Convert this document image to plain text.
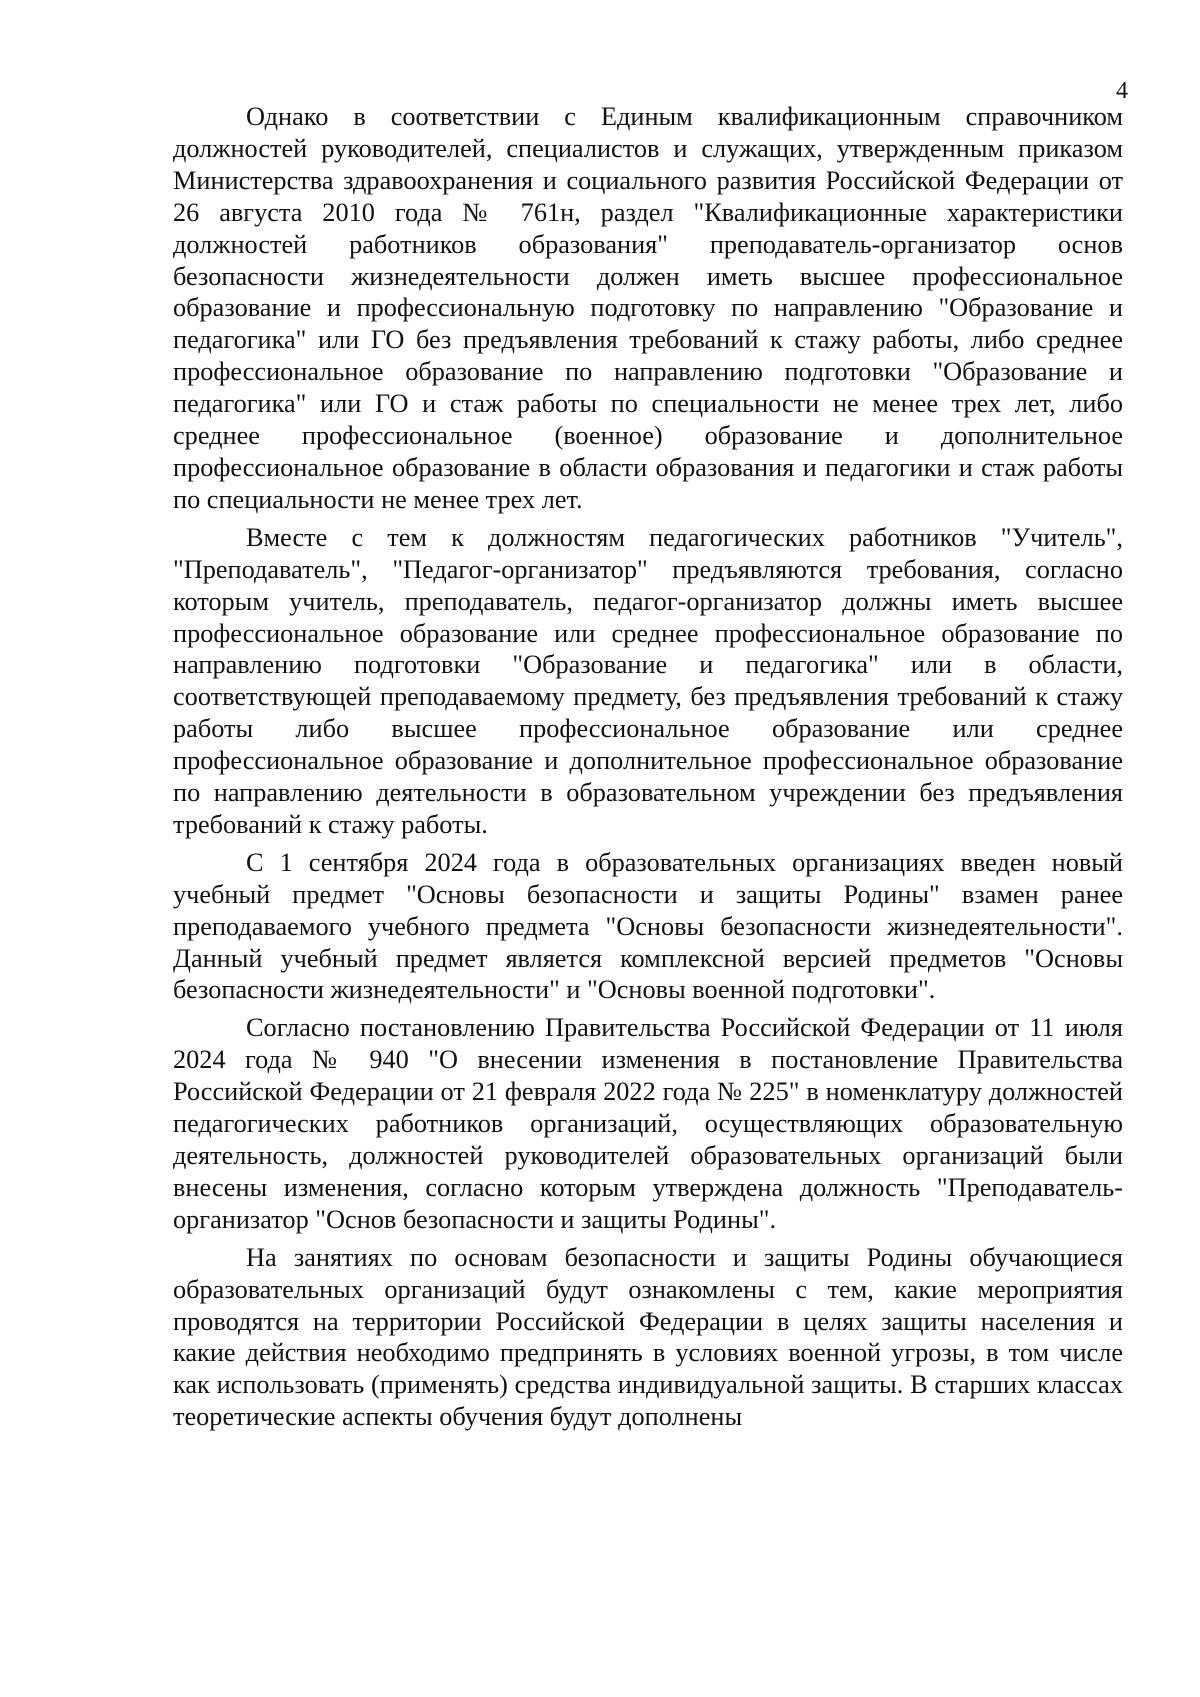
4

Однако в соответствии с Единым квалификационным справочником должностей руководителей, специалистов и служащих, утвержденным приказом Министерства здравоохранения и социального развития Российской Федерации от 26 августа 2010 года № 761н, раздел "Квалификационные характеристики должностей работников образования" преподаватель-организатор основ безопасности жизнедеятельности должен иметь высшее профессиональное образование и профессиональную подготовку по направлению "Образование и педагогика" или ГО без предъявления требований к стажу работы, либо среднее профессиональное образование по направлению подготовки "Образование и педагогика" или ГО и стаж работы по специальности не менее трех лет, либо среднее профессиональное (военное) образование и дополнительное профессиональное образование в области образования и педагогики и стаж работы по специальности не менее трех лет.

Вместе с тем к должностям педагогических работников "Учитель", "Преподаватель", "Педагог-организатор" предъявляются требования, согласно которым учитель, преподаватель, педагог-организатор должны иметь высшее профессиональное образование или среднее профессиональное образование по направлению подготовки "Образование и педагогика" или в области, соответствующей преподаваемому предмету, без предъявления требований к стажу работы либо высшее профессиональное образование или среднее профессиональное образование и дополнительное профессиональное образование по направлению деятельности в образовательном учреждении без предъявления требований к стажу работы.

С 1 сентября 2024 года в образовательных организациях введен новый учебный предмет "Основы безопасности и защиты Родины" взамен ранее преподаваемого учебного предмета "Основы безопасности жизнедеятельности". Данный учебный предмет является комплексной версией предметов "Основы безопасности жизнедеятельности" и "Основы военной подготовки".

Согласно постановлению Правительства Российской Федерации от 11 июля 2024 года № 940 "О внесении изменения в постановление Правительства Российской Федерации от 21 февраля 2022 года № 225" в номенклатуру должностей педагогических работников организаций, осуществляющих образовательную деятельность, должностей руководителей образовательных организаций были внесены изменения, согласно которым утверждена должность "Преподаватель-организатор "Основ безопасности и защиты Родины".

На занятиях по основам безопасности и защиты Родины обучающиеся образовательных организаций будут ознакомлены с тем, какие мероприятия проводятся на территории Российской Федерации в целях защиты населения и какие действия необходимо предпринять в условиях военной угрозы, в том числе как использовать (применять) средства индивидуальной защиты. В старших классах теоретические аспекты обучения будут дополнены
